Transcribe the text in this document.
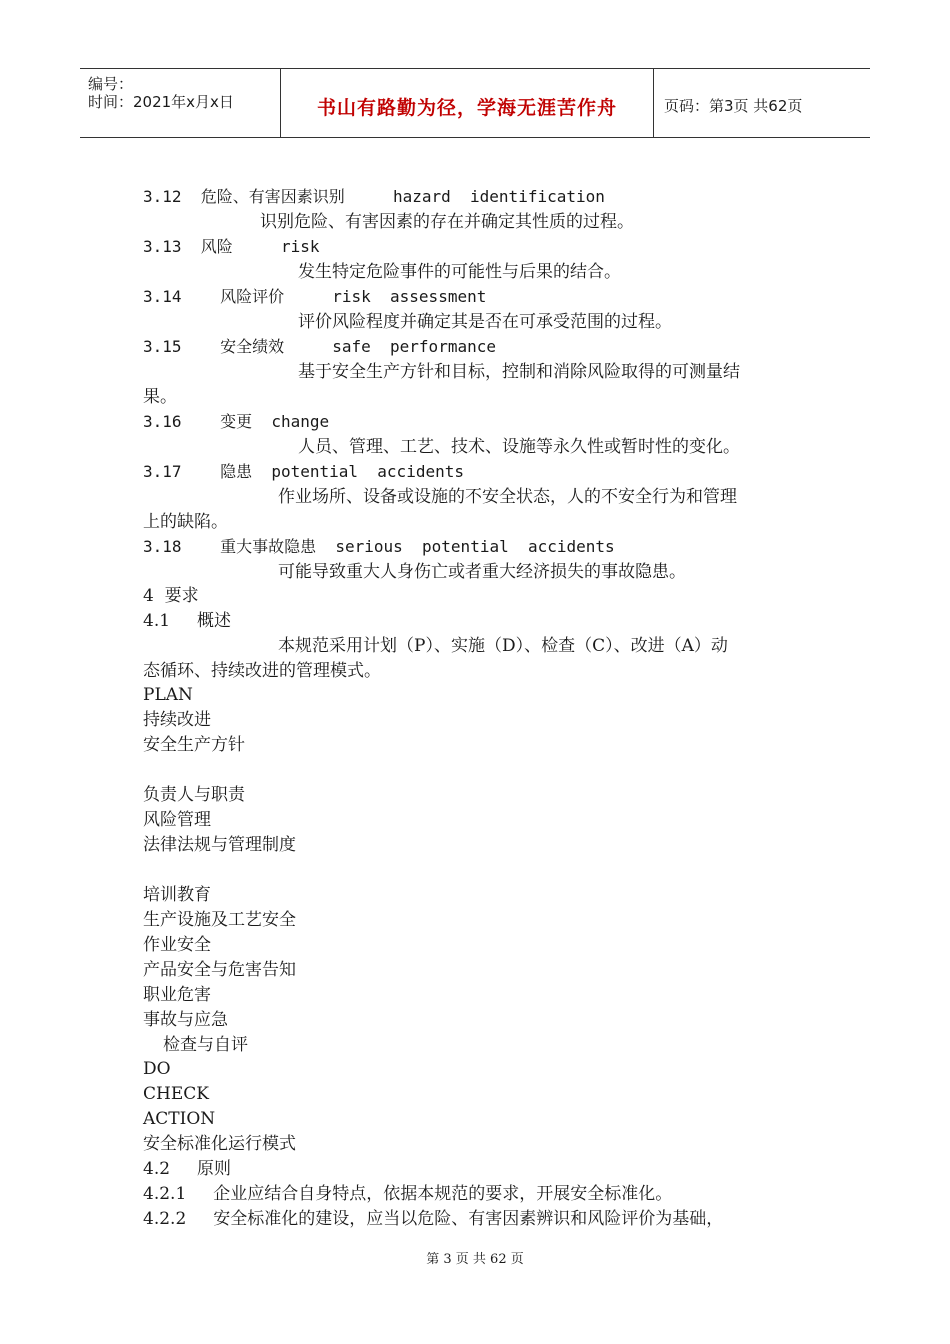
编号：
时间：2021年x月x日	书山有路勤为径，学海无涯苦作舟	页码：第3页 共62页
3.12  危险、有害因素识别     hazard  identification
识别危险、有害因素的存在并确定其性质的过程。
3.13  风险     risk
发生特定危险事件的可能性与后果的结合。
3.14    风险评价     risk  assessment
评价风险程度并确定其是否在可承受范围的过程。
3.15    安全绩效     safe  performance
基于安全生产方针和目标，控制和消除风险取得的可测量结
果。
3.16    变更  change
人员、管理、工艺、技术、设施等永久性或暂时性的变化。
3.17    隐患  potential  accidents
作业场所、设备或设施的不安全状态，人的不安全行为和管理
上的缺陷。
3.18    重大事故隐患  serious  potential  accidents
可能导致重大人身伤亡或者重大经济损失的事故隐患。
4  要求
4.1     概述
本规范采用计划（P）、实施（D）、检查（C）、改进（A）动
态循环、持续改进的管理模式。
PLAN
持续改进
安全生产方针
负责人与职责
风险管理
法律法规与管理制度
培训教育
生产设施及工艺安全
作业安全
产品安全与危害告知
职业危害
事故与应急
检查与自评
DO
CHECK
ACTION
安全标准化运行模式
4.2     原则
4.2.1     企业应结合自身特点，依据本规范的要求，开展安全标准化。
4.2.2     安全标准化的建设，应当以危险、有害因素辨识和风险评价为基础，
第 3 页 共 62 页
